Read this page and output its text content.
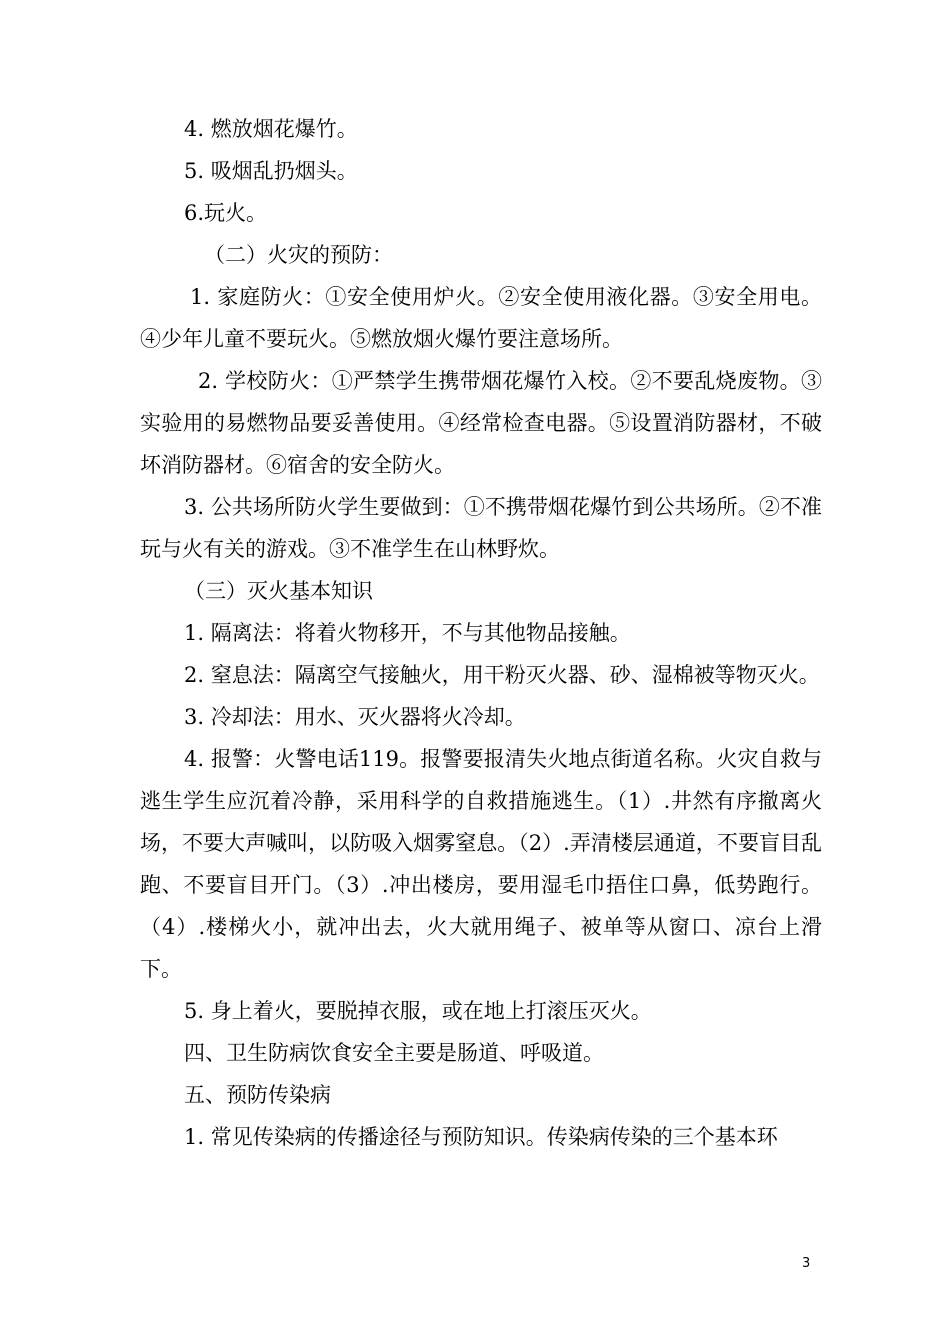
4. 燃放烟花爆竹。

5. 吸烟乱扔烟头。

6.玩火。

（二）火灾的预防：

1. 家庭防火：①安全使用炉火。②安全使用液化器。③安全用电。④少年儿童不要玩火。⑤燃放烟火爆竹要注意场所。

2. 学校防火：①严禁学生携带烟花爆竹入校。②不要乱烧废物。③实验用的易燃物品要妥善使用。④经常检查电器。⑤设置消防器材，不破坏消防器材。⑥宿舍的安全防火。

3. 公共场所防火学生要做到：①不携带烟花爆竹到公共场所。②不准玩与火有关的游戏。③不准学生在山林野炊。

（三）灭火基本知识

1. 隔离法：将着火物移开，不与其他物品接触。

2. 窒息法：隔离空气接触火，用干粉灭火器、砂、湿棉被等物灭火。

3. 冷却法：用水、灭火器将火冷却。

4. 报警：火警电话119。报警要报清失火地点街道名称。火灾自救与逃生学生应沉着冷静，采用科学的自救措施逃生。（1）.井然有序撤离火场，不要大声喊叫，以防吸入烟雾窒息。（2）.弄清楼层通道，不要盲目乱跑、不要盲目开门。（3）.冲出楼房，要用湿毛巾捂住口鼻，低势跑行。（4）.楼梯火小，就冲出去，火大就用绳子、被单等从窗口、凉台上滑下。

5. 身上着火，要脱掉衣服，或在地上打滚压灭火。

四、卫生防病饮食安全主要是肠道、呼吸道。

五、预防传染病

1. 常见传染病的传播途径与预防知识。传染病传染的三个基本环

3
